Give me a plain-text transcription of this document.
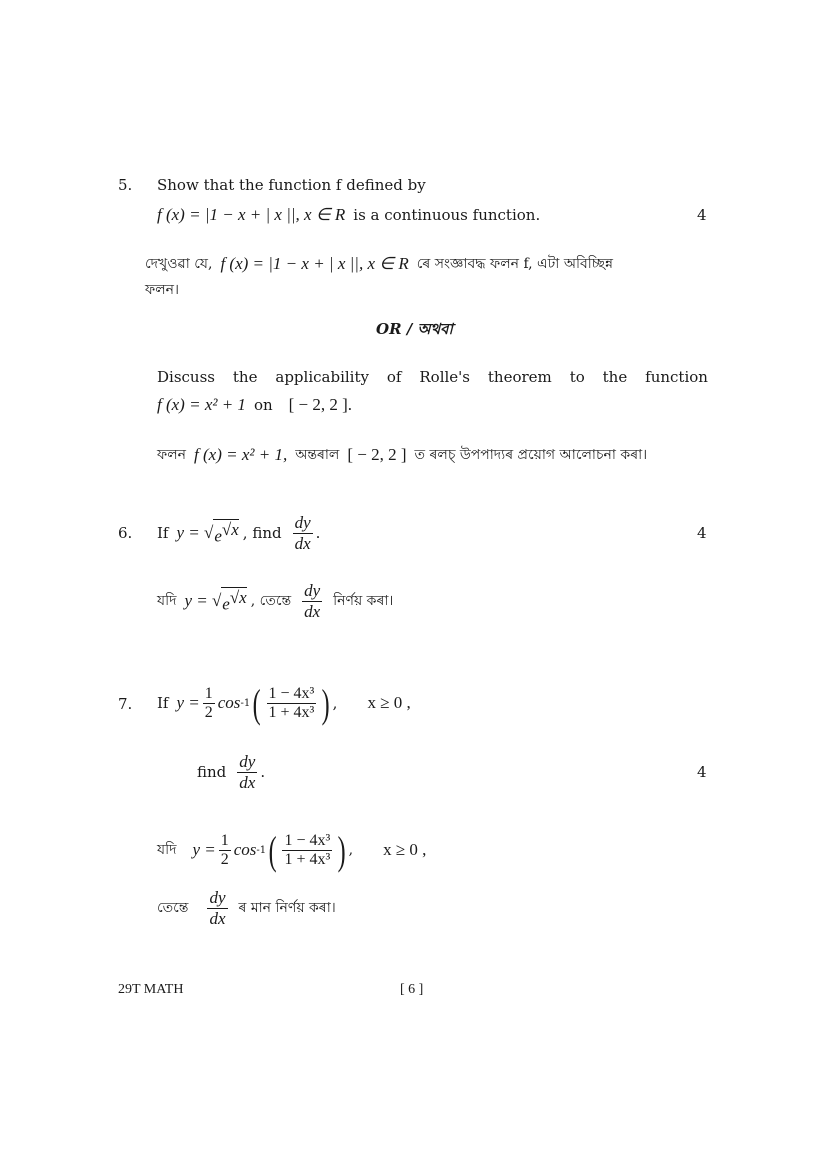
5. Show that the function f defined by
f (x) = |1 − x + | x ||, x ∈ R is a continuous function.	4
দেখুওৱা যে, f (x) = |1 − x + | x ||, x ∈ R ৰে সংজ্ঞাবদ্ধ ফলন f, এটা অবিচ্ছিন্ন
ফলন।
OR / অথবা
Discuss the applicability of Rolle's theorem to the function
f (x) = x² + 1 on [ − 2, 2 ].
ফলন f (x) = x² + 1, অন্তৰাল [ − 2, 2 ] ত ৰলচ্ উপপাদ্যৰ প্ৰয়োগ আলোচনা কৰা।
6. If y = √ $e^{√x}$ , find $\frac{dy}{dx}$ .	4
যদি y = √ $e^{√x}$ , তেন্তে $\frac{dy}{dx}$ নিৰ্ণয় কৰা।
7. If $y = \frac{1}{2}$ cos -1 ( $\frac{\text{1 − 4x³}}{\text{1 + 4x³}}$ ) , x ≥ 0 ,
find $\frac{dy}{dx}$ .	4
যদি $y = \frac{1}{2}$ cos -1 ( $\frac{\text{1 − 4x³}}{\text{1 + 4x³}}$ ) , x ≥ 0 ,
তেন্তে $\frac{dy}{dx}$ ৰ মান নিৰ্ণয় কৰা।
29T MATH	[ 6 ]
